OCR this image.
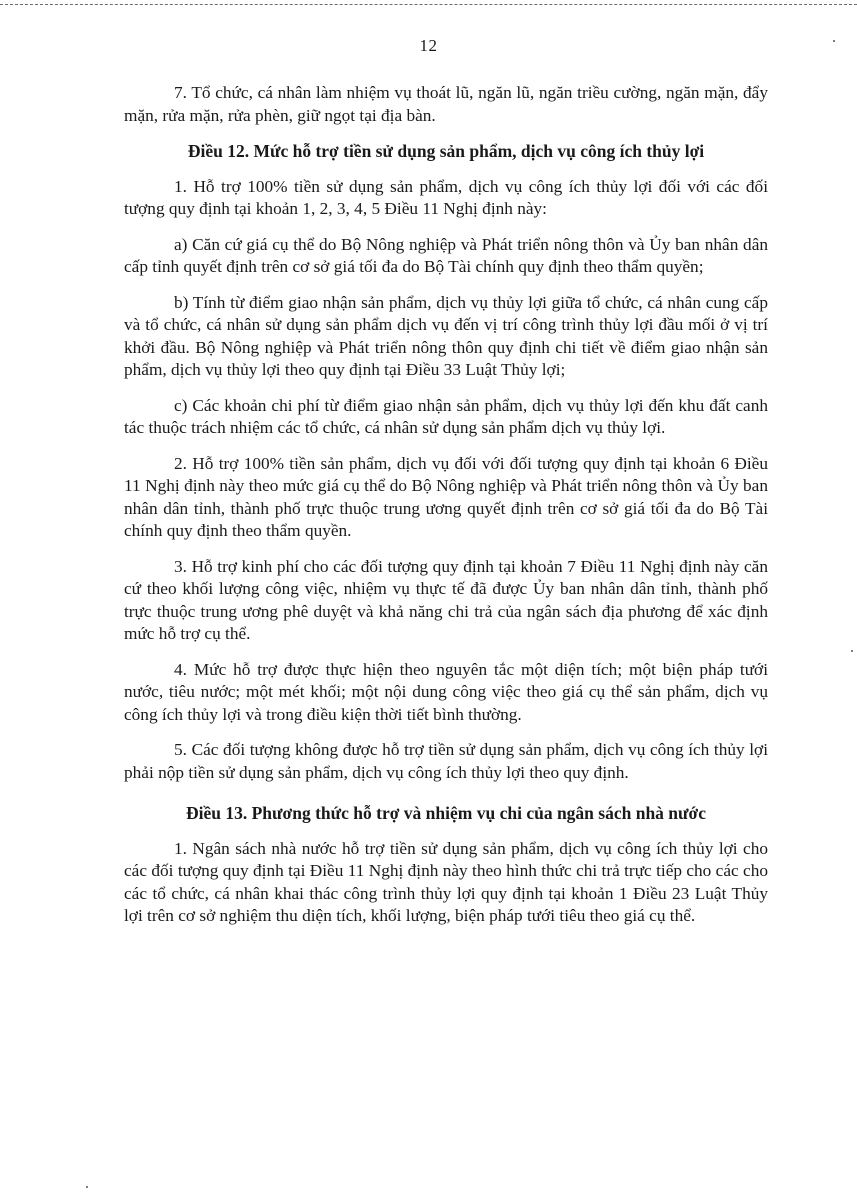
12

7. Tổ chức, cá nhân làm nhiệm vụ thoát lũ, ngăn lũ, ngăn triều cường, ngăn mặn, đẩy mặn, rửa mặn, rửa phèn, giữ ngọt tại địa bàn.

Điều 12. Mức hỗ trợ tiền sử dụng sản phẩm, dịch vụ công ích thủy lợi

1. Hỗ trợ 100% tiền sử dụng sản phẩm, dịch vụ công ích thủy lợi đối với các đối tượng quy định tại khoản 1, 2, 3, 4, 5 Điều 11 Nghị định này:

a) Căn cứ giá cụ thể do Bộ Nông nghiệp và Phát triển nông thôn và Ủy ban nhân dân cấp tỉnh quyết định trên cơ sở giá tối đa do Bộ Tài chính quy định theo thẩm quyền;

b) Tính từ điểm giao nhận sản phẩm, dịch vụ thủy lợi giữa tổ chức, cá nhân cung cấp và tổ chức, cá nhân sử dụng sản phẩm dịch vụ đến vị trí công trình thủy lợi đầu mối ở vị trí khởi đầu. Bộ Nông nghiệp và Phát triển nông thôn quy định chi tiết về điểm giao nhận sản phẩm, dịch vụ thủy lợi theo quy định tại Điều 33 Luật Thủy lợi;

c) Các khoản chi phí từ điểm giao nhận sản phẩm, dịch vụ thủy lợi đến khu đất canh tác thuộc trách nhiệm các tổ chức, cá nhân sử dụng sản phẩm dịch vụ thủy lợi.

2. Hỗ trợ 100% tiền sản phẩm, dịch vụ đối với đối tượng quy định tại khoản 6 Điều 11 Nghị định này theo mức giá cụ thể do Bộ Nông nghiệp và Phát triển nông thôn và Ủy ban nhân dân tỉnh, thành phố trực thuộc trung ương quyết định trên cơ sở giá tối đa do Bộ Tài chính quy định theo thẩm quyền.

3. Hỗ trợ kinh phí cho các đối tượng quy định tại khoản 7 Điều 11 Nghị định này căn cứ theo khối lượng công việc, nhiệm vụ thực tế đã được Ủy ban nhân dân tỉnh, thành phố trực thuộc trung ương phê duyệt và khả năng chi trả của ngân sách địa phương để xác định mức hỗ trợ cụ thể.

4. Mức hỗ trợ được thực hiện theo nguyên tắc một diện tích; một biện pháp tưới nước, tiêu nước; một mét khối; một nội dung công việc theo giá cụ thể sản phẩm, dịch vụ công ích thủy lợi và trong điều kiện thời tiết bình thường.

5. Các đối tượng không được hỗ trợ tiền sử dụng sản phẩm, dịch vụ công ích thủy lợi phải nộp tiền sử dụng sản phẩm, dịch vụ công ích thủy lợi theo quy định.

Điều 13. Phương thức hỗ trợ và nhiệm vụ chi của ngân sách nhà nước

1. Ngân sách nhà nước hỗ trợ tiền sử dụng sản phẩm, dịch vụ công ích thủy lợi cho các đối tượng quy định tại Điều 11 Nghị định này theo hình thức chi trả trực tiếp cho các cho các tổ chức, cá nhân khai thác công trình thủy lợi quy định tại khoản 1 Điều 23 Luật Thủy lợi trên cơ sở nghiệm thu diện tích, khối lượng, biện pháp tưới tiêu theo giá cụ thể.
